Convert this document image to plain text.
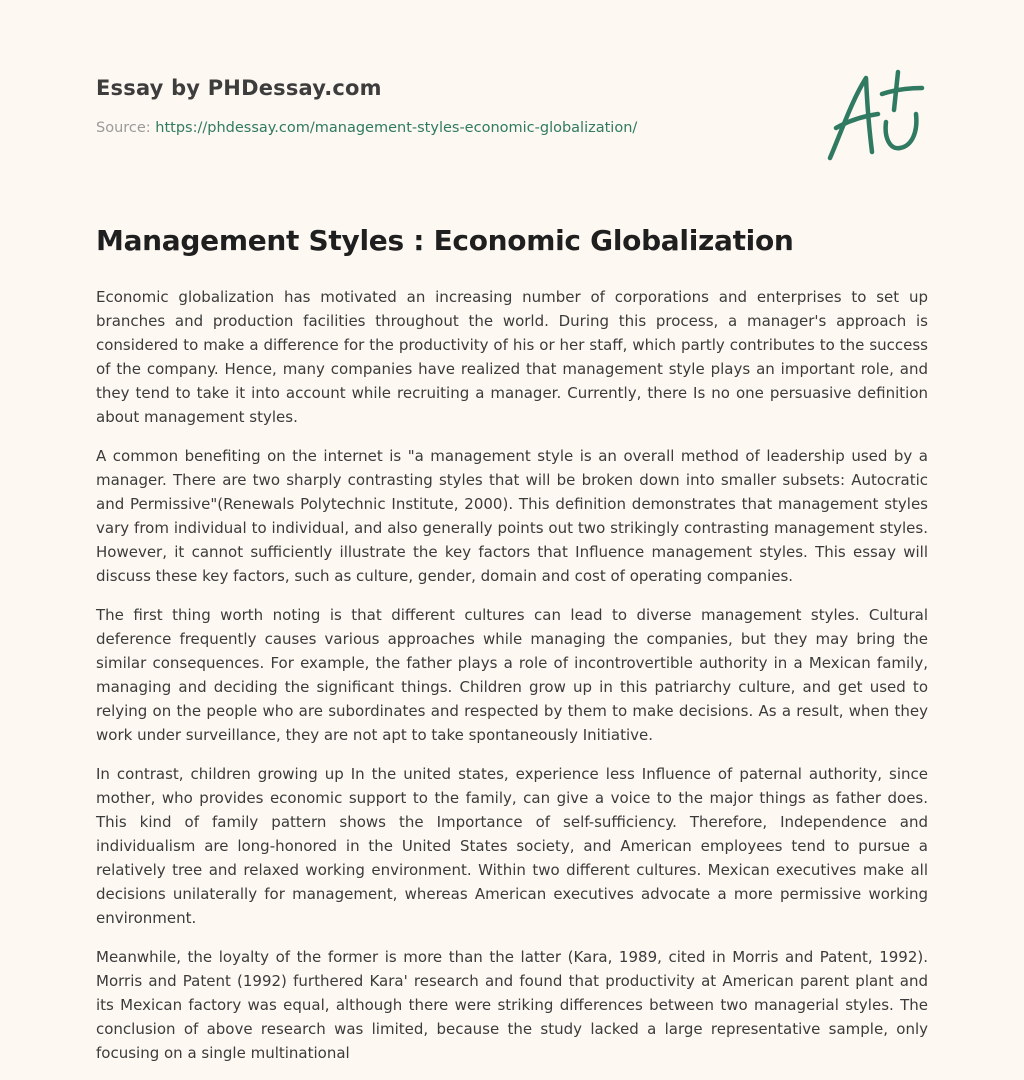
Essay by PHDessay.com
Source: https://phdessay.com/management-styles-economic-globalization/
Management Styles : Economic Globalization

Economic globalization has motivated an increasing number of corporations and enterprises to set up branches and production facilities throughout the world. During this process, a manager's approach is considered to make a difference for the productivity of his or her staff, which partly contributes to the success of the company. Hence, many companies have realized that management style plays an important role, and they tend to take it into account while recruiting a manager. Currently, there Is no one persuasive definition about management styles.

A common benefiting on the internet is "a management style is an overall method of leadership used by a manager. There are two sharply contrasting styles that will be broken down into smaller subsets: Autocratic and Permissive"(Renewals Polytechnic Institute, 2000). This definition demonstrates that management styles vary from individual to individual, and also generally points out two strikingly contrasting management styles. However, it cannot sufficiently illustrate the key factors that Influence management styles. This essay will discuss these key factors, such as culture, gender, domain and cost of operating companies.

The first thing worth noting is that different cultures can lead to diverse management styles. Cultural deference frequently causes various approaches while managing the companies, but they may bring the similar consequences. For example, the father plays a role of incontrovertible authority in a Mexican family, managing and deciding the significant things. Children grow up in this patriarchy culture, and get used to relying on the people who are subordinates and respected by them to make decisions. As a result, when they work under surveillance, they are not apt to take spontaneously Initiative.

In contrast, children growing up In the united states, experience less Influence of paternal authority, since mother, who provides economic support to the family, can give a voice to the major things as father does. This kind of family pattern shows the Importance of self-sufficiency. Therefore, Independence and individualism are long-honored in the United States society, and American employees tend to pursue a relatively tree and relaxed working environment. Within two different cultures. Mexican executives make all decisions unilaterally for management, whereas American executives advocate a more permissive working environment.

Meanwhile, the loyalty of the former is more than the latter (Kara, 1989, cited in Morris and Patent, 1992). Morris and Patent (1992) furthered Kara' research and found that productivity at American parent plant and its Mexican factory was equal, although there were striking differences between two managerial styles. The conclusion of above research was limited, because the study lacked a large representative sample, only focusing on a single multinational
